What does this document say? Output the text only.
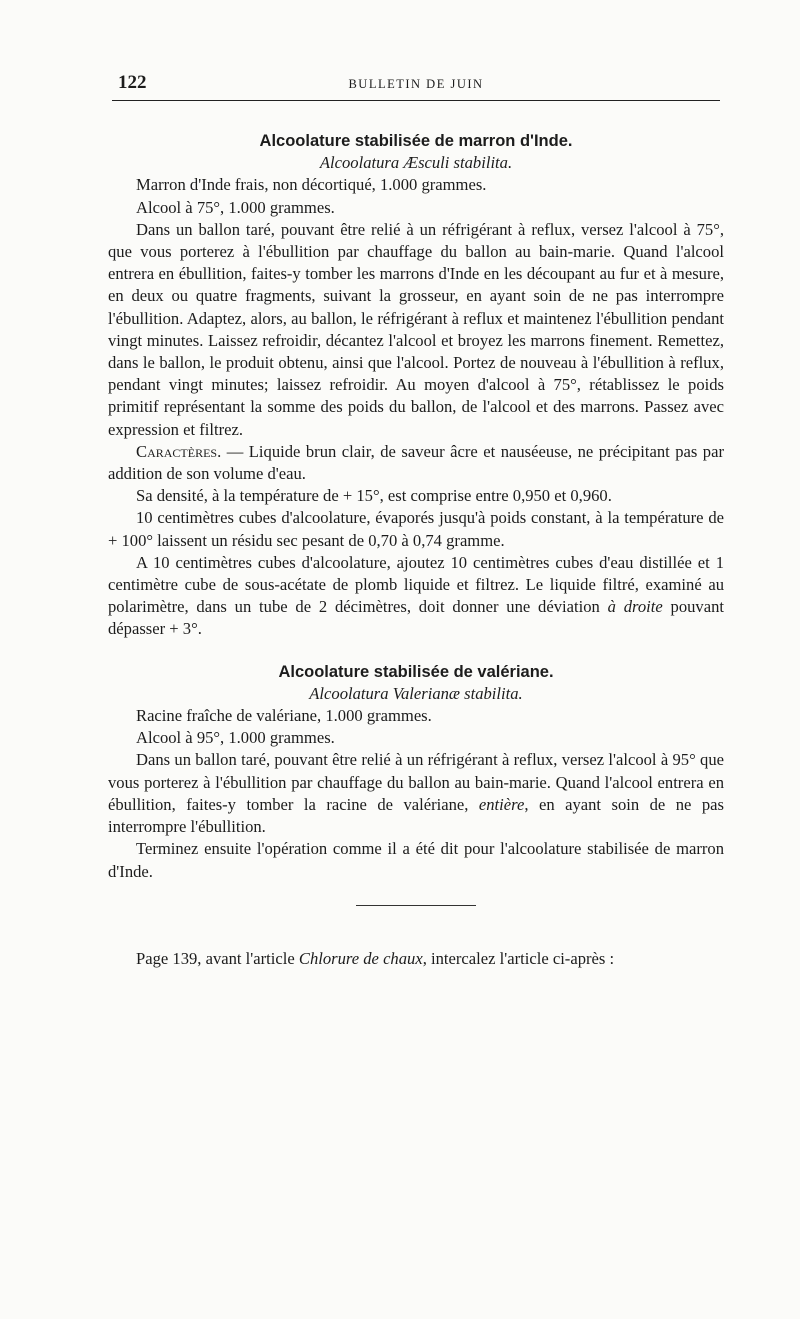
122	BULLETIN DE JUIN

Alcoolature stabilisée de marron d'Inde.

Alcoolatura Æsculi stabilita.

Marron d'Inde frais, non décortiqué, 1.000 grammes.

Alcool à 75°, 1.000 grammes.

Dans un ballon taré, pouvant être relié à un réfrigérant à reflux, versez l'alcool à 75°, que vous porterez à l'ébullition par chauffage du ballon au bain-marie. Quand l'alcool entrera en ébullition, faites-y tomber les marrons d'Inde en les découpant au fur et à mesure, en deux ou quatre fragments, suivant la grosseur, en ayant soin de ne pas interrompre l'ébullition. Adaptez, alors, au ballon, le réfrigérant à reflux et maintenez l'ébullition pendant vingt minutes. Laissez refroidir, décantez l'alcool et broyez les marrons finement. Remettez, dans le ballon, le produit obtenu, ainsi que l'alcool. Portez de nouveau à l'ébullition à reflux, pendant vingt minutes; laissez refroidir. Au moyen d'alcool à 75°, rétablissez le poids primitif représentant la somme des poids du ballon, de l'alcool et des marrons. Passez avec expression et filtrez.

Caractères. — Liquide brun clair, de saveur âcre et nauséeuse, ne précipitant pas par addition de son volume d'eau.

Sa densité, à la température de + 15°, est comprise entre 0,950 et 0,960.

10 centimètres cubes d'alcoolature, évaporés jusqu'à poids constant, à la température de + 100° laissent un résidu sec pesant de 0,70 à 0,74 gramme.

A 10 centimètres cubes d'alcoolature, ajoutez 10 centimètres cubes d'eau distillée et 1 centimètre cube de sous-acétate de plomb liquide et filtrez. Le liquide filtré, examiné au polarimètre, dans un tube de 2 décimètres, doit donner une déviation à droite pouvant dépasser + 3°.

Alcoolature stabilisée de valériane.

Alcoolatura Valerianæ stabilita.

Racine fraîche de valériane, 1.000 grammes.

Alcool à 95°, 1.000 grammes.

Dans un ballon taré, pouvant être relié à un réfrigérant à reflux, versez l'alcool à 95° que vous porterez à l'ébullition par chauffage du ballon au bain-marie. Quand l'alcool entrera en ébullition, faites-y tomber la racine de valériane, entière, en ayant soin de ne pas interrompre l'ébullition.

Terminez ensuite l'opération comme il a été dit pour l'alcoolature stabilisée de marron d'Inde.

Page 139, avant l'article Chlorure de chaux, intercalez l'article ci-après :
